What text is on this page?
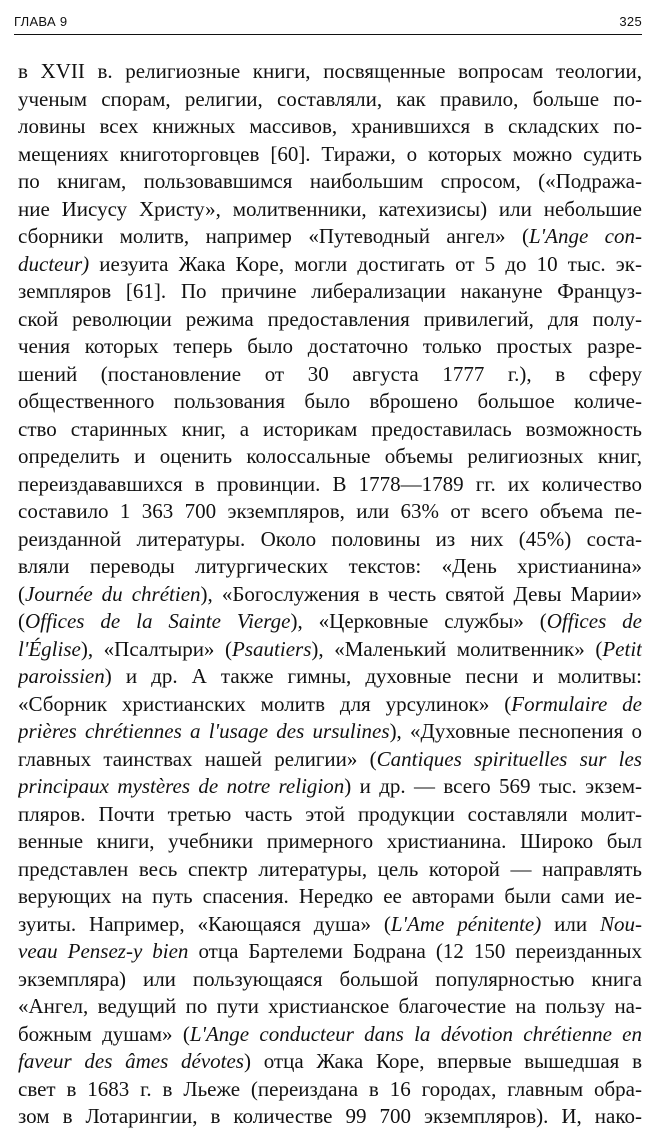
ГЛАВА 9	325
в XVII в. религиозные книги, посвященные вопросам теологии,
ученым спорам, религии, составляли, как правило, больше по-
ловины всех книжных массивов, хранившихся в складских по-
мещениях книготорговцев [60]. Тиражи, о которых можно судить
по книгам, пользовавшимся наибольшим спросом, («Подража-
ние Иисусу Христу», молитвенники, катехизисы) или небольшие
сборники молитв, например «Путеводный ангел» (L'Ange con-
ducteur) иезуита Жака Коре, могли достигать от 5 до 10 тыс. эк-
земпляров [61]. По причине либерализации накануне Француз-
ской революции режима предоставления привилегий, для полу-
чения которых теперь было достаточно только простых разре-
шений (постановление от 30 августа 1777 г.), в сферу
общественного пользования было вброшено большое количе-
ство старинных книг, а историкам предоставилась возможность
определить и оценить колоссальные объемы религиозных книг,
переиздававшихся в провинции. В 1778—1789 гг. их количество
составило 1 363 700 экземпляров, или 63% от всего объема пе-
реизданной литературы. Около половины из них (45%) соста-
вляли переводы литургических текстов: «День христианина»
(Journée du chrétien), «Богослужения в честь святой Девы Марии»
(Offices de la Sainte Vierge), «Церковные службы» (Offices de
l'Église), «Псалтыри» (Psautiers), «Маленький молитвенник» (Petit
paroissien) и др. А также гимны, духовные песни и молитвы:
«Сборник христианских молитв для урсулинок» (Formulaire de
prières chrétiennes a l'usage des ursulines), «Духовные песнопения о
главных таинствах нашей религии» (Cantiques spirituelles sur les
principaux mystères de notre religion) и др. — всего 569 тыс. экзем-
пляров. Почти третью часть этой продукции составляли молит-
венные книги, учебники примерного христианина. Широко был
представлен весь спектр литературы, цель которой — направлять
верующих на путь спасения. Нередко ее авторами были сами ие-
зуиты. Например, «Кающаяся душа» (L'Ame pénitente) или Nou-
veau Pensez-y bien отца Бартелеми Бодрана (12 150 переизданных
экземпляра) или пользующаяся большой популярностью книга
«Ангел, ведущий по пути христианское благочестие на пользу на-
божным душам» (L'Ange conducteur dans la dévotion chrétienne en
faveur des âmes dévotes) отца Жака Коре, впервые вышедшая в
свет в 1683 г. в Льеже (переиздана в 16 городах, главным обра-
зом в Лотарингии, в количестве 99 700 экземпляров). И, нако-
